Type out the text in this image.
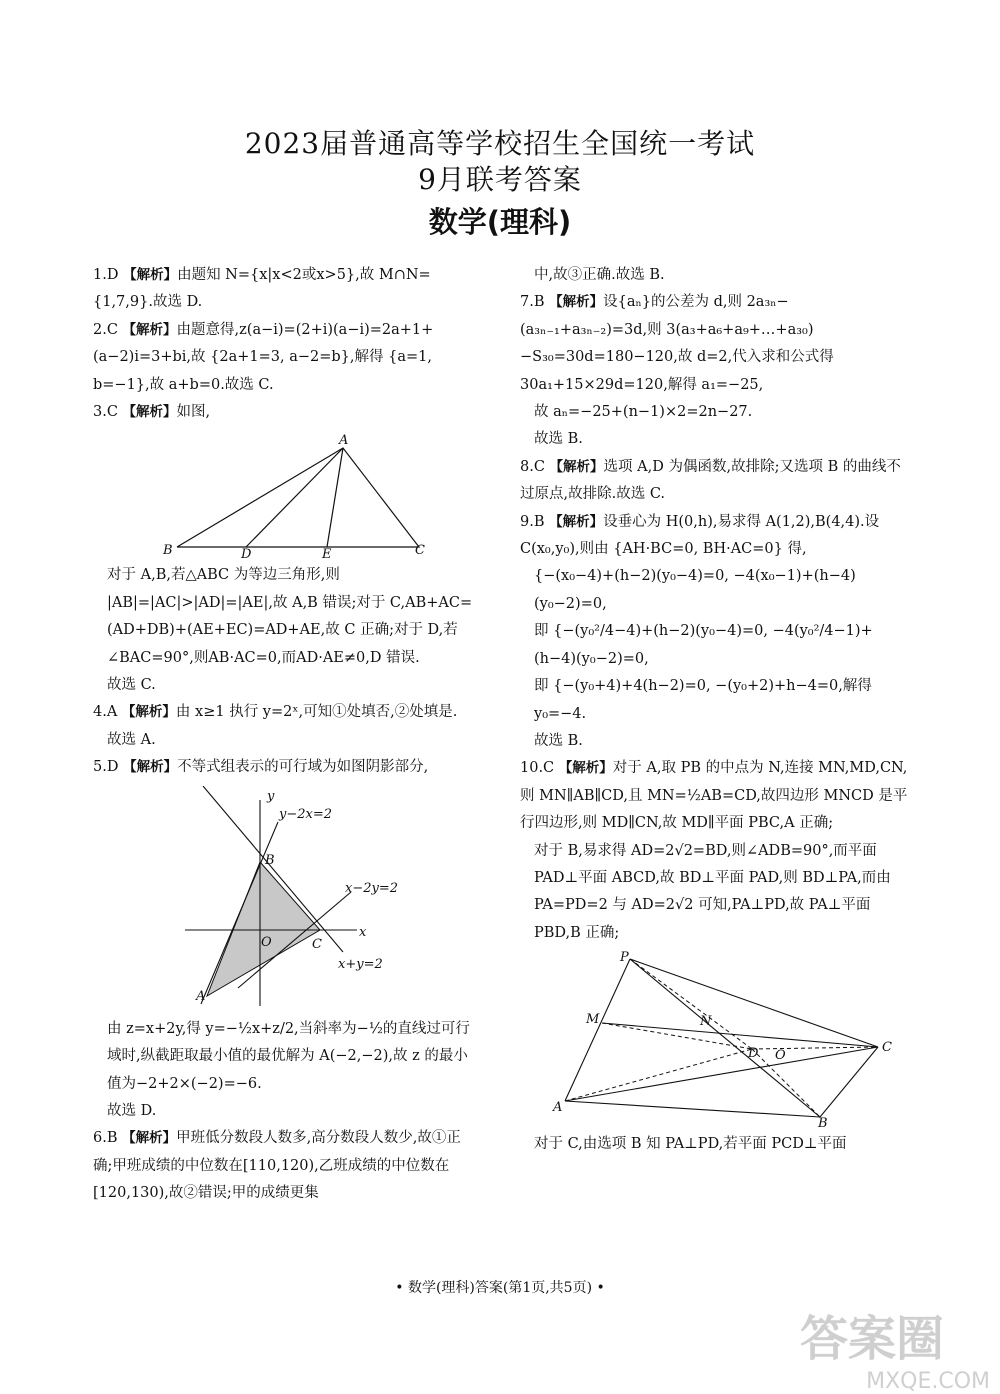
2023届普通高等学校招生全国统一考试
9月联考答案
数学(理科)

1.D 【解析】由题知 N={x|x<2或x>5},故 M∩N={1,7,9}.故选 D.

2.C 【解析】由题意得,z(a−i)=(2+i)(a−i)=2a+1+(a−2)i=3+bi,故 {2a+1=3, a−2=b},解得 {a=1, b=−1},故 a+b=0.故选 C.

3.C 【解析】如图,

A
B	D	E	C

对于 A,B,若△ABC 为等边三角形,则 |AB|=|AC|>|AD|=|AE|,故 A,B 错误;对于 C,AB+AC=(AD+DB)+(AE+EC)=AD+AE,故 C 正确;对于 D,若∠BAC=90°,则AB·AC=0,而AD·AE≠0,D 错误.

故选 C.

4.A 【解析】由 x≥1 执行 y=2ˣ,可知①处填否,②处填是.

故选 A.

5.D 【解析】不等式组表示的可行域为如图阴影部分,

y
x
O
A
B
C
y−2x=2
x−2y=2
x+y=2

由 z=x+2y,得 y=−½x+z/2,当斜率为−½的直线过可行域时,纵截距取最小值的最优解为 A(−2,−2),故 z 的最小值为−2+2×(−2)=−6.

故选 D.

6.B 【解析】甲班低分数段人数多,高分数段人数少,故①正确;甲班成绩的中位数在[110,120),乙班成绩的中位数在[120,130),故②错误;甲的成绩更集

中,故③正确.故选 B.

7.B 【解析】设{aₙ}的公差为 d,则 2a₃ₙ−(a₃ₙ₋₁+a₃ₙ₋₂)=3d,则 3(a₃+a₆+a₉+…+a₃₀)−S₃₀=30d=180−120,故 d=2,代入求和公式得 30a₁+15×29d=120,解得 a₁=−25,

故 aₙ=−25+(n−1)×2=2n−27.

故选 B.

8.C 【解析】选项 A,D 为偶函数,故排除;又选项 B 的曲线不过原点,故排除.故选 C.

9.B 【解析】设垂心为 H(0,h),易求得 A(1,2),B(4,4).设 C(x₀,y₀),则由 {AH·BC=0, BH·AC=0} 得,

{−(x₀−4)+(h−2)(y₀−4)=0, −4(x₀−1)+(h−4)(y₀−2)=0,

即 {−(y₀²/4−4)+(h−2)(y₀−4)=0, −4(y₀²/4−1)+(h−4)(y₀−2)=0,

即 {−(y₀+4)+4(h−2)=0, −(y₀+2)+h−4=0,解得 y₀=−4.

故选 B.

10.C 【解析】对于 A,取 PB 的中点为 N,连接 MN,MD,CN,则 MN∥AB∥CD,且 MN=½AB=CD,故四边形 MNCD 是平行四边形,则 MD∥CN,故 MD∥平面 PBC,A 正确;

对于 B,易求得 AD=2√2=BD,则∠ADB=90°,而平面 PAD⊥平面 ABCD,故 BD⊥平面 PAD,则 BD⊥PA,而由 PA=PD=2 与 AD=2√2 可知,PA⊥PD,故 PA⊥平面 PBD,B 正确;

P
M	N
D O
C
A
B

对于 C,由选项 B 知 PA⊥PD,若平面 PCD⊥平面

• 数学(理科)答案(第1页,共5页) •
答案圈
MXQE.COM
